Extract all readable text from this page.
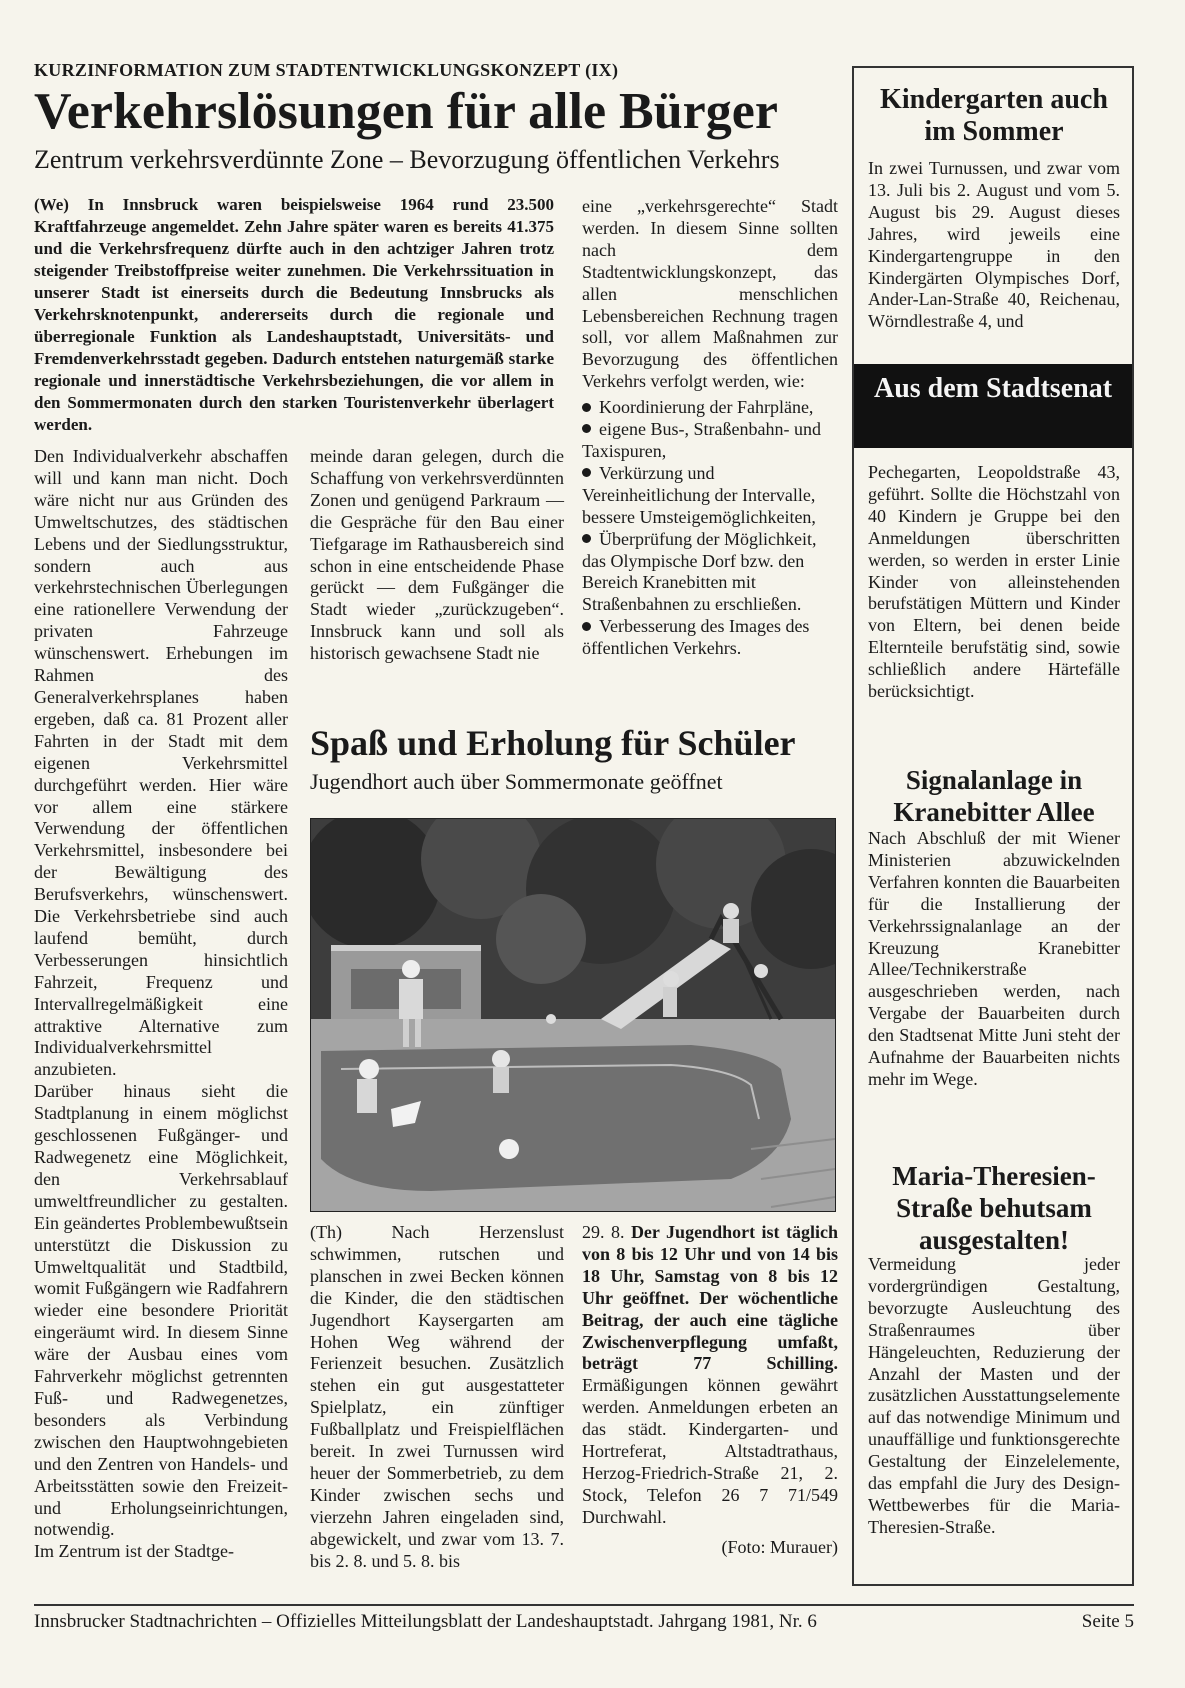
KURZINFORMATION ZUM STADTENTWICKLUNGSKONZEPT (IX)
Verkehrslösungen für alle Bürger
Zentrum verkehrsverdünnte Zone – Bevorzugung öffentlichen Verkehrs

(We) In Innsbruck waren beispielsweise 1964 rund 23.500 Kraftfahrzeuge angemeldet. Zehn Jahre später waren es bereits 41.375 und die Verkehrsfrequenz dürfte auch in den achtziger Jahren trotz steigender Treibstoffpreise weiter zunehmen. Die Verkehrssituation in unserer Stadt ist einerseits durch die Bedeutung Innsbrucks als Verkehrsknotenpunkt, andererseits durch die regionale und überregionale Funktion als Landeshauptstadt, Universitäts- und Fremdenverkehrsstadt gegeben. Dadurch entstehen naturgemäß starke regionale und innerstädtische Verkehrsbeziehungen, die vor allem in den Sommermonaten durch den starken Touristenverkehr überlagert werden.

Den Individualverkehr abschaffen will und kann man nicht. Doch wäre nicht nur aus Gründen des Umweltschutzes, des städtischen Lebens und der Siedlungsstruktur, sondern auch aus verkehrstechnischen Überlegungen eine rationellere Verwendung der privaten Fahrzeuge wünschenswert. Erhebungen im Rahmen des Generalverkehrsplanes haben ergeben, daß ca. 81 Prozent aller Fahrten in der Stadt mit dem eigenen Verkehrsmittel durchgeführt werden. Hier wäre vor allem eine stärkere Verwendung der öffentlichen Verkehrsmittel, insbesondere bei der Bewältigung des Berufsverkehrs, wünschenswert. Die Verkehrsbetriebe sind auch laufend bemüht, durch Verbesserungen hinsichtlich Fahrzeit, Frequenz und Intervallregelmäßigkeit eine attraktive Alternative zum Individualverkehrsmittel anzubieten.

Darüber hinaus sieht die Stadtplanung in einem möglichst geschlossenen Fußgänger- und Radwegenetz eine Möglichkeit, den Verkehrsablauf umweltfreundlicher zu gestalten. Ein geändertes Problembewußtsein unterstützt die Diskussion zu Umweltqualität und Stadtbild, womit Fußgängern wie Radfahrern wieder eine besondere Priorität eingeräumt wird. In diesem Sinne wäre der Ausbau eines vom Fahrverkehr möglichst getrennten Fuß- und Radwegenetzes, besonders als Verbindung zwischen den Hauptwohngebieten und den Zentren von Handels- und Arbeitsstätten sowie den Freizeit- und Erholungseinrichtungen, notwendig.

Im Zentrum ist der Stadtge-

meinde daran gelegen, durch die Schaffung von verkehrsverdünnten Zonen und genügend Parkraum — die Gespräche für den Bau einer Tiefgarage im Rathausbereich sind schon in eine entscheidende Phase gerückt — dem Fußgänger die Stadt wieder „zurückzugeben“. Innsbruck kann und soll als historisch gewachsene Stadt nie

eine „verkehrsgerechte“ Stadt werden. In diesem Sinne sollten nach dem Stadtentwicklungskonzept, das allen menschlichen Lebensbereichen Rechnung tragen soll, vor allem Maßnahmen zur Bevorzugung des öffentlichen Verkehrs verfolgt werden, wie:

Koordinierung der Fahrpläne,
eigene Bus-, Straßenbahn- und Taxispuren,
Verkürzung und Vereinheitlichung der Intervalle, bessere Umsteigemöglichkeiten,
Überprüfung der Möglichkeit, das Olympische Dorf bzw. den Bereich Kranebitten mit Straßenbahnen zu erschließen.
Verbesserung des Images des öffentlichen Verkehrs.
Spaß und Erholung für Schüler
Jugendhort auch über Sommermonate geöffnet

(Th) Nach Herzenslust schwimmen, rutschen und planschen in zwei Becken können die Kinder, die den städtischen Jugendhort Kaysergarten am Hohen Weg während der Ferienzeit besuchen. Zusätzlich stehen ein gut ausgestatteter Spielplatz, ein zünftiger Fußballplatz und Freispielflächen bereit. In zwei Turnussen wird heuer der Sommerbetrieb, zu dem Kinder zwischen sechs und vierzehn Jahren eingeladen sind, abgewickelt, und zwar vom 13. 7. bis 2. 8. und 5. 8. bis

29. 8. Der Jugendhort ist täglich von 8 bis 12 Uhr und von 14 bis 18 Uhr, Samstag von 8 bis 12 Uhr geöffnet. Der wöchentliche Beitrag, der auch eine tägliche Zwischenverpflegung umfaßt, beträgt 77 Schilling. Ermäßigungen können gewährt werden. Anmeldungen erbeten an das städt. Kindergarten- und Hortreferat, Altstadtrathaus, Herzog-Friedrich-Straße 21, 2. Stock, Telefon 26 7 71/549 Durchwahl.

(Foto: Murauer)

Kindergarten auch im Sommer

In zwei Turnussen, und zwar vom 13. Juli bis 2. August und vom 5. August bis 29. August dieses Jahres, wird jeweils eine Kindergartengruppe in den Kindergärten Olympisches Dorf, Ander-Lan-Straße 40, Reichenau, Wörndlestraße 4, und

Aus dem Stadtsenat

Pechegarten, Leopoldstraße 43, geführt. Sollte die Höchstzahl von 40 Kindern je Gruppe bei den Anmeldungen überschritten werden, so werden in erster Linie Kinder von alleinstehenden berufstätigen Müttern und Kinder von Eltern, bei denen beide Elternteile berufstätig sind, sowie schließlich andere Härtefälle berücksichtigt.

Signalanlage in Kranebitter Allee

Nach Abschluß der mit Wiener Ministerien abzuwickelnden Verfahren konnten die Bauarbeiten für die Installierung der Verkehrssignalanlage an der Kreuzung Kranebitter Allee/Technikerstraße ausgeschrieben werden, nach Vergabe der Bauarbeiten durch den Stadtsenat Mitte Juni steht der Aufnahme der Bauarbeiten nichts mehr im Wege.

Maria-Theresien-Straße behutsam ausgestalten!

Vermeidung jeder vordergründigen Gestaltung, bevorzugte Ausleuchtung des Straßenraumes über Hängeleuchten, Reduzierung der Anzahl der Masten und der zusätzlichen Ausstattungselemente auf das notwendige Minimum und unauffällige und funktionsgerechte Gestaltung der Einzelelemente, das empfahl die Jury des Design-Wettbewerbes für die Maria-Theresien-Straße.

Innsbrucker Stadtnachrichten – Offizielles Mitteilungsblatt der Landeshauptstadt. Jahrgang 1981, Nr. 6	Seite 5
